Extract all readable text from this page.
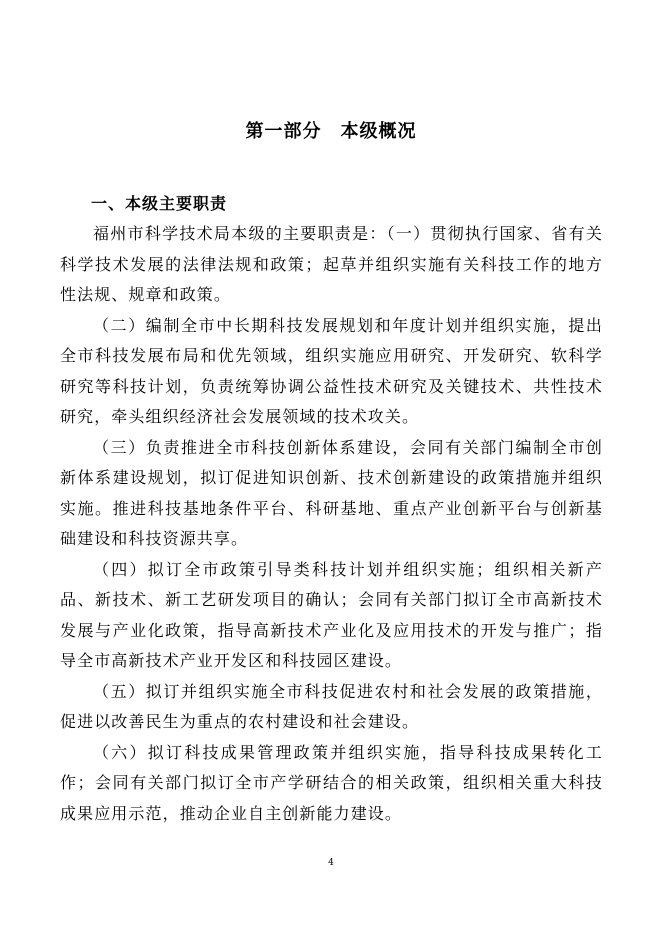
第一部分　本级概况
一、本级主要职责

福州市科学技术局本级的主要职责是：（一）贯彻执行国家、省有关科学技术发展的法律法规和政策；起草并组织实施有关科技工作的地方性法规、规章和政策。

（二）编制全市中长期科技发展规划和年度计划并组织实施，提出全市科技发展布局和优先领域，组织实施应用研究、开发研究、软科学研究等科技计划，负责统筹协调公益性技术研究及关键技术、共性技术研究，牵头组织经济社会发展领域的技术攻关。

（三）负责推进全市科技创新体系建设，会同有关部门编制全市创新体系建设规划，拟订促进知识创新、技术创新建设的政策措施并组织实施。推进科技基地条件平台、科研基地、重点产业创新平台与创新基础建设和科技资源共享。

（四）拟订全市政策引导类科技计划并组织实施；组织相关新产品、新技术、新工艺研发项目的确认；会同有关部门拟订全市高新技术发展与产业化政策，指导高新技术产业化及应用技术的开发与推广；指导全市高新技术产业开发区和科技园区建设。

（五）拟订并组织实施全市科技促进农村和社会发展的政策措施，促进以改善民生为重点的农村建设和社会建设。

（六）拟订科技成果管理政策并组织实施，指导科技成果转化工作；会同有关部门拟订全市产学研结合的相关政策，组织相关重大科技成果应用示范，推动企业自主创新能力建设。

4
